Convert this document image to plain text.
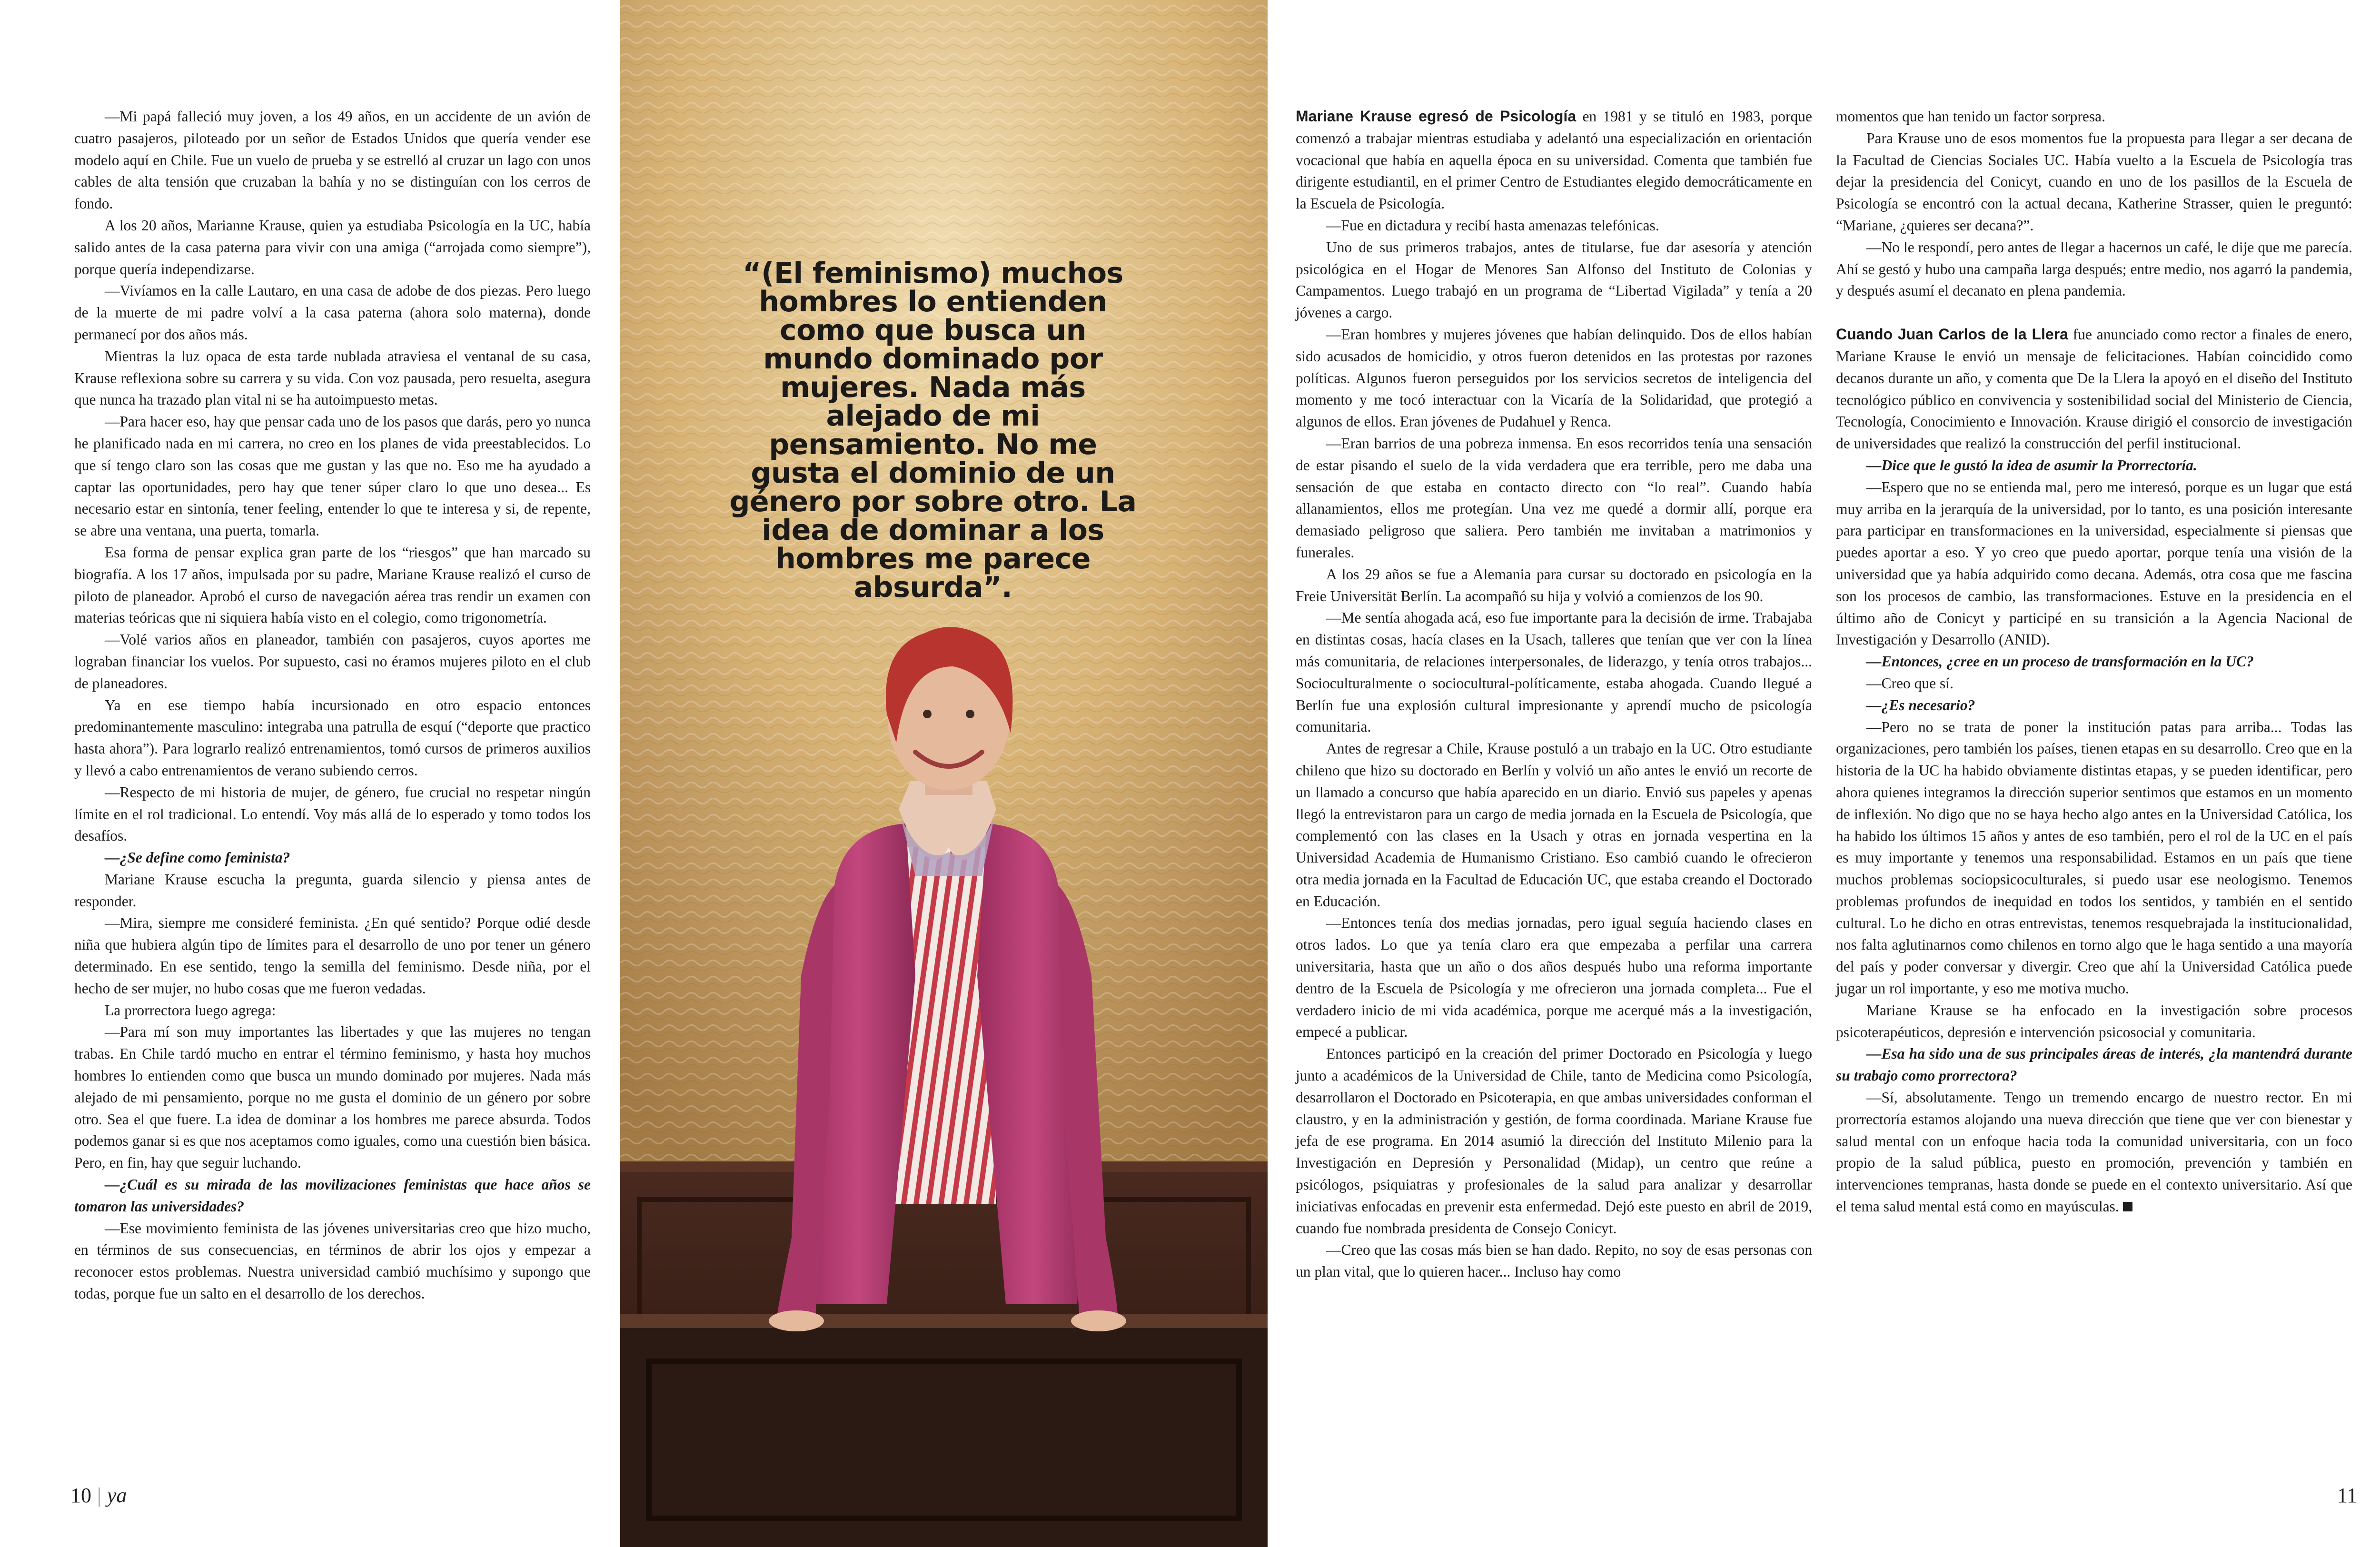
—Mi papá falleció muy joven, a los 49 años, en un accidente de un avión de cuatro pasajeros, piloteado por un señor de Estados Unidos que quería vender ese modelo aquí en Chile. Fue un vuelo de prueba y se estrelló al cruzar un lago con unos cables de alta tensión que cruzaban la bahía y no se distinguían con los cerros de fondo.

A los 20 años, Marianne Krause, quien ya estudiaba Psicología en la UC, había salido antes de la casa paterna para vivir con una amiga (“arrojada como siempre”), porque quería independizarse.

—Vivíamos en la calle Lautaro, en una casa de adobe de dos piezas. Pero luego de la muerte de mi padre volví a la casa paterna (ahora solo materna), donde permanecí por dos años más.

Mientras la luz opaca de esta tarde nublada atraviesa el ventanal de su casa, Krause reflexiona sobre su carrera y su vida. Con voz pausada, pero resuelta, asegura que nunca ha trazado plan vital ni se ha autoimpuesto metas.

—Para hacer eso, hay que pensar cada uno de los pasos que darás, pero yo nunca he planificado nada en mi carrera, no creo en los planes de vida preestablecidos. Lo que sí tengo claro son las cosas que me gustan y las que no. Eso me ha ayudado a captar las oportunidades, pero hay que tener súper claro lo que uno desea... Es necesario estar en sintonía, tener feeling, entender lo que te interesa y si, de repente, se abre una ventana, una puerta, tomarla.

Esa forma de pensar explica gran parte de los “riesgos” que han marcado su biografía. A los 17 años, impulsada por su padre, Mariane Krause realizó el curso de piloto de planeador. Aprobó el curso de navegación aérea tras rendir un examen con materias teóricas que ni siquiera había visto en el colegio, como trigonometría.

—Volé varios años en planeador, también con pasajeros, cuyos aportes me lograban financiar los vuelos. Por supuesto, casi no éramos mujeres piloto en el club de planeadores.

Ya en ese tiempo había incursionado en otro espacio entonces predominantemente masculino: integraba una patrulla de esquí (“deporte que practico hasta ahora”). Para lograrlo realizó entrenamientos, tomó cursos de primeros auxilios y llevó a cabo entrenamientos de verano subiendo cerros.

—Respecto de mi historia de mujer, de género, fue crucial no respetar ningún límite en el rol tradicional. Lo entendí. Voy más allá de lo esperado y tomo todos los desafíos.

—¿Se define como feminista?

Mariane Krause escucha la pregunta, guarda silencio y piensa antes de responder.

—Mira, siempre me consideré feminista. ¿En qué sentido? Porque odié desde niña que hubiera algún tipo de límites para el desarrollo de uno por tener un género determinado. En ese sentido, tengo la semilla del feminismo. Desde niña, por el hecho de ser mujer, no hubo cosas que me fueron vedadas.

La prorrectora luego agrega:

—Para mí son muy importantes las libertades y que las mujeres no tengan trabas. En Chile tardó mucho en entrar el término feminismo, y hasta hoy muchos hombres lo entienden como que busca un mundo dominado por mujeres. Nada más alejado de mi pensamiento, porque no me gusta el dominio de un género por sobre otro. Sea el que fuere. La idea de dominar a los hombres me parece absurda. Todos podemos ganar si es que nos aceptamos como iguales, como una cuestión bien básica. Pero, en fin, hay que seguir luchando.

—¿Cuál es su mirada de las movilizaciones feministas que hace años se tomaron las universidades?

—Ese movimiento feminista de las jóvenes universitarias creo que hizo mucho, en términos de sus consecuencias, en términos de abrir los ojos y empezar a reconocer estos problemas. Nuestra universidad cambió muchísimo y supongo que todas, porque fue un salto en el desarrollo de los derechos.

“(El feminismo) muchos hombres lo entienden como que busca un mundo dominado por mujeres. Nada más alejado de mi pensamiento. No me gusta el dominio de un género por sobre otro. La idea de dominar a los hombres me parece absurda”.

Mariane Krause egresó de Psicología en 1981 y se tituló en 1983, porque comenzó a trabajar mientras estudiaba y adelantó una especialización en orientación vocacional que había en aquella época en su universidad. Comenta que también fue dirigente estudiantil, en el primer Centro de Estudiantes elegido democráticamente en la Escuela de Psicología.

—Fue en dictadura y recibí hasta amenazas telefónicas.

Uno de sus primeros trabajos, antes de titularse, fue dar asesoría y atención psicológica en el Hogar de Menores San Alfonso del Instituto de Colonias y Campamentos. Luego trabajó en un programa de “Libertad Vigilada” y tenía a 20 jóvenes a cargo.

—Eran hombres y mujeres jóvenes que habían delinquido. Dos de ellos habían sido acusados de homicidio, y otros fueron detenidos en las protestas por razones políticas. Algunos fueron perseguidos por los servicios secretos de inteligencia del momento y me tocó interactuar con la Vicaría de la Solidaridad, que protegió a algunos de ellos. Eran jóvenes de Pudahuel y Renca.

—Eran barrios de una pobreza inmensa. En esos recorridos tenía una sensación de estar pisando el suelo de la vida verdadera que era terrible, pero me daba una sensación de que estaba en contacto directo con “lo real”. Cuando había allanamientos, ellos me protegían. Una vez me quedé a dormir allí, porque era demasiado peligroso que saliera. Pero también me invitaban a matrimonios y funerales.

A los 29 años se fue a Alemania para cursar su doctorado en psicología en la Freie Universität Berlín. La acompañó su hija y volvió a comienzos de los 90.

—Me sentía ahogada acá, eso fue importante para la decisión de irme. Trabajaba en distintas cosas, hacía clases en la Usach, talleres que tenían que ver con la línea más comunitaria, de relaciones interpersonales, de liderazgo, y tenía otros trabajos... Socioculturalmente o sociocultural-políticamente, estaba ahogada. Cuando llegué a Berlín fue una explosión cultural impresionante y aprendí mucho de psicología comunitaria.

Antes de regresar a Chile, Krause postuló a un trabajo en la UC. Otro estudiante chileno que hizo su doctorado en Berlín y volvió un año antes le envió un recorte de un llamado a concurso que había aparecido en un diario. Envió sus papeles y apenas llegó la entrevistaron para un cargo de media jornada en la Escuela de Psicología, que complementó con las clases en la Usach y otras en jornada vespertina en la Universidad Academia de Humanismo Cristiano. Eso cambió cuando le ofrecieron otra media jornada en la Facultad de Educación UC, que estaba creando el Doctorado en Educación.

—Entonces tenía dos medias jornadas, pero igual seguía haciendo clases en otros lados. Lo que ya tenía claro era que empezaba a perfilar una carrera universitaria, hasta que un año o dos años después hubo una reforma importante dentro de la Escuela de Psicología y me ofrecieron una jornada completa... Fue el verdadero inicio de mi vida académica, porque me acerqué más a la investigación, empecé a publicar.

Entonces participó en la creación del primer Doctorado en Psicología y luego junto a académicos de la Universidad de Chile, tanto de Medicina como Psicología, desarrollaron el Doctorado en Psicoterapia, en que ambas universidades conforman el claustro, y en la administración y gestión, de forma coordinada. Mariane Krause fue jefa de ese programa. En 2014 asumió la dirección del Instituto Milenio para la Investigación en Depresión y Personalidad (Midap), un centro que reúne a psicólogos, psiquiatras y profesionales de la salud para analizar y desarrollar iniciativas enfocadas en prevenir esta enfermedad. Dejó este puesto en abril de 2019, cuando fue nombrada presidenta de Consejo Conicyt.

—Creo que las cosas más bien se han dado. Repito, no soy de esas personas con un plan vital, que lo quieren hacer... Incluso hay como

momentos que han tenido un factor sorpresa.

Para Krause uno de esos momentos fue la propuesta para llegar a ser decana de la Facultad de Ciencias Sociales UC. Había vuelto a la Escuela de Psicología tras dejar la presidencia del Conicyt, cuando en uno de los pasillos de la Escuela de Psicología se encontró con la actual decana, Katherine Strasser, quien le preguntó: “Mariane, ¿quieres ser decana?”.

—No le respondí, pero antes de llegar a hacernos un café, le dije que me parecía. Ahí se gestó y hubo una campaña larga después; entre medio, nos agarró la pandemia, y después asumí el decanato en plena pandemia.

Cuando Juan Carlos de la Llera fue anunciado como rector a finales de enero, Mariane Krause le envió un mensaje de felicitaciones. Habían coincidido como decanos durante un año, y comenta que De la Llera la apoyó en el diseño del Instituto tecnológico público en convivencia y sostenibilidad social del Ministerio de Ciencia, Tecnología, Conocimiento e Innovación. Krause dirigió el consorcio de investigación de universidades que realizó la construcción del perfil institucional.

—Dice que le gustó la idea de asumir la Prorrectoría.

—Espero que no se entienda mal, pero me interesó, porque es un lugar que está muy arriba en la jerarquía de la universidad, por lo tanto, es una posición interesante para participar en transformaciones en la universidad, especialmente si piensas que puedes aportar a eso. Y yo creo que puedo aportar, porque tenía una visión de la universidad que ya había adquirido como decana. Además, otra cosa que me fascina son los procesos de cambio, las transformaciones. Estuve en la presidencia en el último año de Conicyt y participé en su transición a la Agencia Nacional de Investigación y Desarrollo (ANID).

—Entonces, ¿cree en un proceso de transformación en la UC?

—Creo que sí.

—¿Es necesario?

—Pero no se trata de poner la institución patas para arriba... Todas las organizaciones, pero también los países, tienen etapas en su desarrollo. Creo que en la historia de la UC ha habido obviamente distintas etapas, y se pueden identificar, pero ahora quienes integramos la dirección superior sentimos que estamos en un momento de inflexión. No digo que no se haya hecho algo antes en la Universidad Católica, los ha habido los últimos 15 años y antes de eso también, pero el rol de la UC en el país es muy importante y tenemos una responsabilidad. Estamos en un país que tiene muchos problemas sociopsicoculturales, si puedo usar ese neologismo. Tenemos problemas profundos de inequidad en todos los sentidos, y también en el sentido cultural. Lo he dicho en otras entrevistas, tenemos resquebrajada la institucionalidad, nos falta aglutinarnos como chilenos en torno algo que le haga sentido a una mayoría del país y poder conversar y divergir. Creo que ahí la Universidad Católica puede jugar un rol importante, y eso me motiva mucho.

Mariane Krause se ha enfocado en la investigación sobre procesos psicoterapéuticos, depresión e intervención psicosocial y comunitaria.

—Esa ha sido una de sus principales áreas de interés, ¿la mantendrá durante su trabajo como prorrectora?

—Sí, absolutamente. Tengo un tremendo encargo de nuestro rector. En mi prorrectoría estamos alojando una nueva dirección que tiene que ver con bienestar y salud mental con un enfoque hacia toda la comunidad universitaria, con un foco propio de la salud pública, puesto en promoción, prevención y también en intervenciones tempranas, hasta donde se puede en el contexto universitario. Así que el tema salud mental está como en mayúsculas.

10 | ya	11
